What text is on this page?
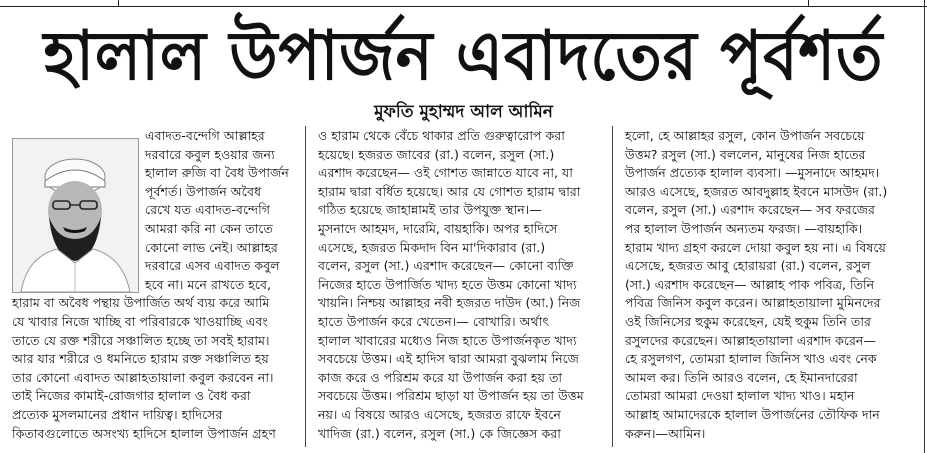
হালাল উপার্জন এবাদতের পূর্বশর্ত
মুফতি মুহাম্মদ আল আমিন
এবাদত-বন্দেগি আল্লাহর
দরবারে কবুল হওয়ার জন্য
হালাল রুজি বা বৈধ উপার্জন
পূর্বশর্ত। উপার্জন অবৈধ
রেখে যত এবাদত-বন্দেগি
আমরা করি না কেন তাতে
কোনো লাভ নেই। আল্লাহর
দরবারে এসব এবাদত কবুল
হবে না। মনে রাখতে হবে,
হারাম বা অবৈধ পন্থায় উপার্জিত অর্থ ব্যয় করে আমি
যে খাবার নিজে খাচ্ছি বা পরিবারকে খাওয়াচ্ছি এবং
তাতে যে রক্ত শরীরে সঞ্চালিত হচ্ছে তা সবই হারাম।
আর যার শরীরে ও ধমনিতে হারাম রক্ত সঞ্চালিত হয়
তার কোনো এবাদত আল্লাহতায়ালা কবুল করবেন না।
তাই নিজের কামাই-রোজগার হালাল ও বৈধ করা
প্রত্যেক মুসলমানের প্রধান দায়িত্ব। হাদিসের
কিতাবগুলোতে অসংখ্য হাদিসে হালাল উপার্জন গ্রহণ
ও হারাম থেকে বেঁচে থাকার প্রতি গুরুত্বারোপ করা
হয়েছে। হজরত জাবের (রা.) বলেন, রসুল (সা.)
এরশাদ করেছেন— ওই গোশত জান্নাতে যাবে না, যা
হারাম দ্বারা বর্ধিত হয়েছে। আর যে গোশত হারাম দ্বারা
গঠিত হয়েছে জাহান্নামই তার উপযুক্ত স্থান।—
মুসনাদে আহমদ, দারেমি, বায়হাকি। অপর হাদিসে
এসেছে, হজরত মিকদাদ বিন মা'দিকারাব (রা.)
বলেন, রসুল (সা.) এরশাদ করেছেন— কোনো ব্যক্তি
নিজের হাতে উপার্জিত খাদ্য হতে উত্তম কোনো খাদ্য
খায়নি। নিশ্চয় আল্লাহর নবী হজরত দাউদ (আ.) নিজ
হাতে উপার্জন করে খেতেন।— বোখারি। অর্থাৎ
হালাল খাবারের মধ্যেও নিজ হাতে উপার্জনকৃত খাদ্য
সবচেয়ে উত্তম। এই হাদিস দ্বারা আমরা বুঝলাম নিজে
কাজ করে ও পরিশ্রম করে যা উপার্জন করা হয় তা
সবচেয়ে উত্তম। পরিশ্রম ছাড়া যা উপার্জন হয় তা উত্তম
নয়। এ বিষয়ে আরও এসেছে, হজরত রাফে ইবনে
খাদিজ (রা.) বলেন, রসুল (সা.) কে জিজ্ঞেস করা
হলো, হে আল্লাহর রসুল, কোন উপার্জন সবচেয়ে
উত্তম? রসুল (সা.) বললেন, মানুষের নিজ হাতের
উপার্জন প্রত্যেক হালাল ব্যবসা। —মুসনাদে আহমদ।
আরও এসেছে, হজরত আবদুল্লাহ ইবনে মাসউদ (রা.)
বলেন, রসুল (সা.) এরশাদ করেছেন— সব ফরজের
পর হালাল উপার্জন অন্যতম ফরজ। —বায়হাকি।
হারাম খাদ্য গ্রহণ করলে দোয়া কবুল হয় না। এ বিষয়ে
এসেছে, হজরত আবু হোরায়রা (রা.) বলেন, রসুল
(সা.) এরশাদ করেছেন— আল্লাহ পাক পবিত্র, তিনি
পবিত্র জিনিস কবুল করেন। আল্লাহতায়ালা মুমিনদের
ওই জিনিসের হুকুম করেছেন, যেই হুকুম তিনি তার
রসুলদের করেছেন। আল্লাহতায়ালা এরশাদ করেন—
হে রসুলগণ, তোমরা হালাল জিনিস খাও এবং নেক
আমল কর। তিনি আরও বলেন, হে ইমানদারেরা
তোমরা আমরা দেওয়া হালাল খাদ্য খাও। মহান
আল্লাহ আমাদেরকে হালাল উপার্জনের তৌফিক দান
করুন।—আমিন।
